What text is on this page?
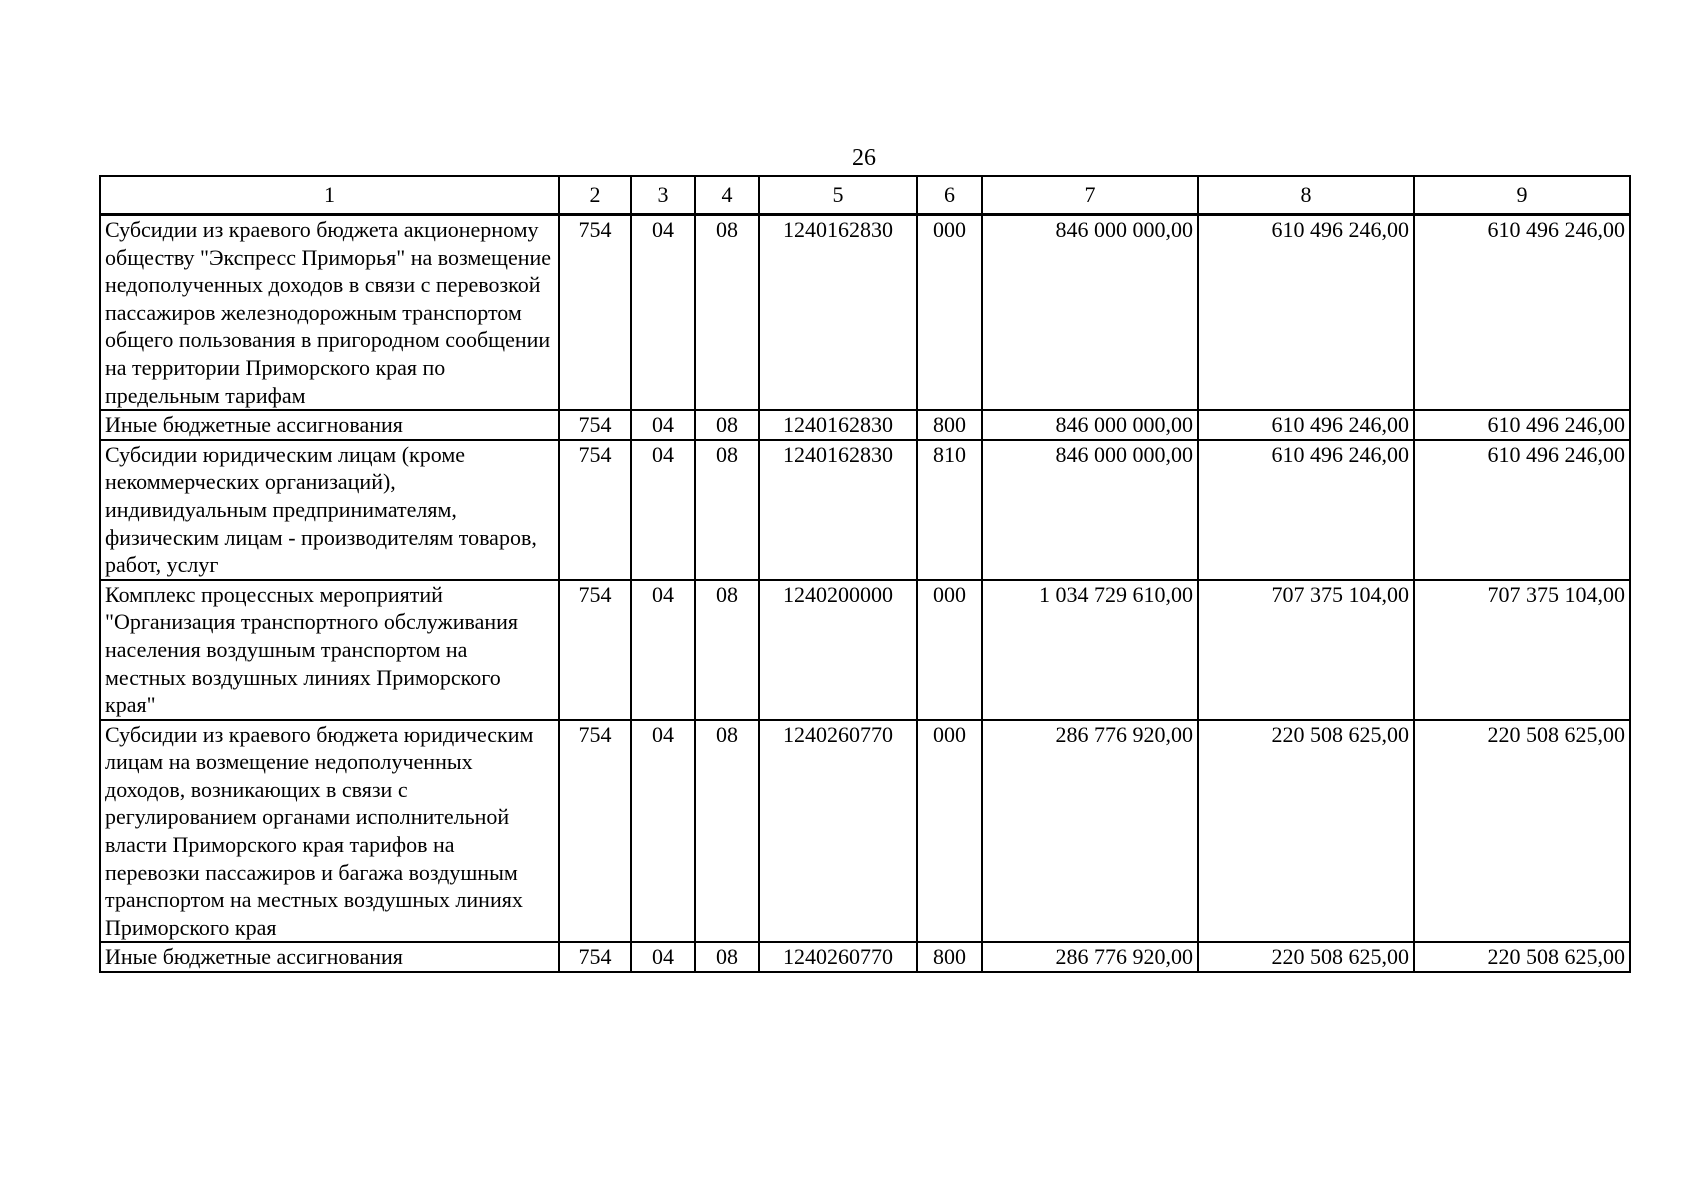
26
1	2	3	4	5	6	7	8	9
Субсидии из краевого бюджета акционерному обществу "Экспресс Приморья" на возмещение недополученных доходов в связи с перевозкой пассажиров железнодорожным транспортом общего пользования в пригородном сообщении на территории Приморского края по предельным тарифам	754	04	08	1240162830	000	846 000 000,00	610 496 246,00	610 496 246,00
Иные бюджетные ассигнования	754	04	08	1240162830	800	846 000 000,00	610 496 246,00	610 496 246,00
Субсидии юридическим лицам (кроме некоммерческих организаций), индивидуальным предпринимателям, физическим лицам - производителям товаров, работ, услуг	754	04	08	1240162830	810	846 000 000,00	610 496 246,00	610 496 246,00
Комплекс процессных мероприятий "Организация транспортного обслуживания населения воздушным транспортом на местных воздушных линиях Приморского края"	754	04	08	1240200000	000	1 034 729 610,00	707 375 104,00	707 375 104,00
Субсидии из краевого бюджета юридическим лицам на возмещение недополученных доходов, возникающих в связи с регулированием органами исполнительной власти Приморского края тарифов на перевозки пассажиров и багажа воздушным транспортом на местных воздушных линиях Приморского края	754	04	08	1240260770	000	286 776 920,00	220 508 625,00	220 508 625,00
Иные бюджетные ассигнования	754	04	08	1240260770	800	286 776 920,00	220 508 625,00	220 508 625,00
